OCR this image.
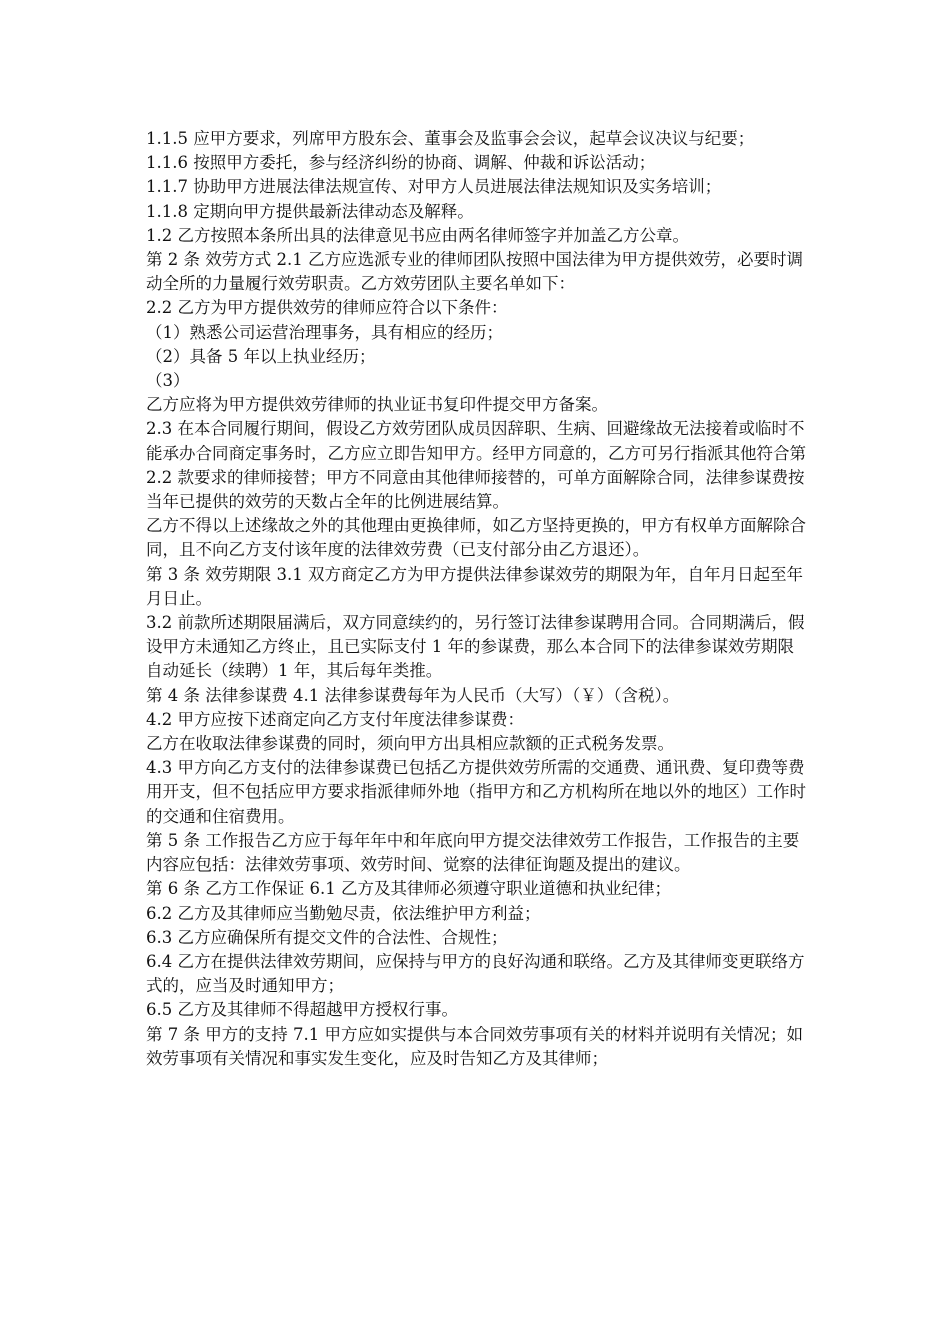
1.1.5 应甲方要求，列席甲方股东会、董事会及监事会会议，起草会议决议与纪要；

1.1.6 按照甲方委托，参与经济纠纷的协商、调解、仲裁和诉讼活动；

1.1.7 协助甲方进展法律法规宣传、对甲方人员进展法律法规知识及实务培训；

1.1.8 定期向甲方提供最新法律动态及解释。

1.2 乙方按照本条所出具的法律意见书应由两名律师签字并加盖乙方公章。

第 2 条 效劳方式 2.1 乙方应选派专业的律师团队按照中国法律为甲方提供效劳，必要时调动全所的力量履行效劳职责。乙方效劳团队主要名单如下：

2.2 乙方为甲方提供效劳的律师应符合以下条件：

（1）熟悉公司运营治理事务，具有相应的经历；

（2）具备 5 年以上执业经历；

（3）

乙方应将为甲方提供效劳律师的执业证书复印件提交甲方备案。

2.3 在本合同履行期间，假设乙方效劳团队成员因辞职、生病、回避缘故无法接着或临时不能承办合同商定事务时，乙方应立即告知甲方。经甲方同意的，乙方可另行指派其他符合第 2.2 款要求的律师接替；甲方不同意由其他律师接替的，可单方面解除合同，法律参谋费按当年已提供的效劳的天数占全年的比例进展结算。

乙方不得以上述缘故之外的其他理由更换律师，如乙方坚持更换的，甲方有权单方面解除合同，且不向乙方支付该年度的法律效劳费（已支付部分由乙方退还）。

第 3 条 效劳期限 3.1 双方商定乙方为甲方提供法律参谋效劳的期限为年，自年月日起至年月日止。

3.2 前款所述期限届满后，双方同意续约的，另行签订法律参谋聘用合同。合同期满后，假设甲方未通知乙方终止，且已实际支付 1 年的参谋费，那么本合同下的法律参谋效劳期限自动延长（续聘）1 年，其后每年类推。

第 4 条 法律参谋费 4.1 法律参谋费每年为人民币（大写）（￥）（含税）。

4.2 甲方应按下述商定向乙方支付年度法律参谋费：

乙方在收取法律参谋费的同时，须向甲方出具相应款额的正式税务发票。

4.3 甲方向乙方支付的法律参谋费已包括乙方提供效劳所需的交通费、通讯费、复印费等费用开支，但不包括应甲方要求指派律师外地（指甲方和乙方机构所在地以外的地区）工作时的交通和住宿费用。

第 5 条 工作报告乙方应于每年年中和年底向甲方提交法律效劳工作报告，工作报告的主要内容应包括：法律效劳事项、效劳时间、觉察的法律征询题及提出的建议。

第 6 条 乙方工作保证 6.1 乙方及其律师必须遵守职业道德和执业纪律；

6.2 乙方及其律师应当勤勉尽责，依法维护甲方利益；

6.3 乙方应确保所有提交文件的合法性、合规性；

6.4 乙方在提供法律效劳期间，应保持与甲方的良好沟通和联络。乙方及其律师变更联络方式的，应当及时通知甲方；

6.5 乙方及其律师不得超越甲方授权行事。

第 7 条 甲方的支持 7.1 甲方应如实提供与本合同效劳事项有关的材料并说明有关情况；如效劳事项有关情况和事实发生变化，应及时告知乙方及其律师；
